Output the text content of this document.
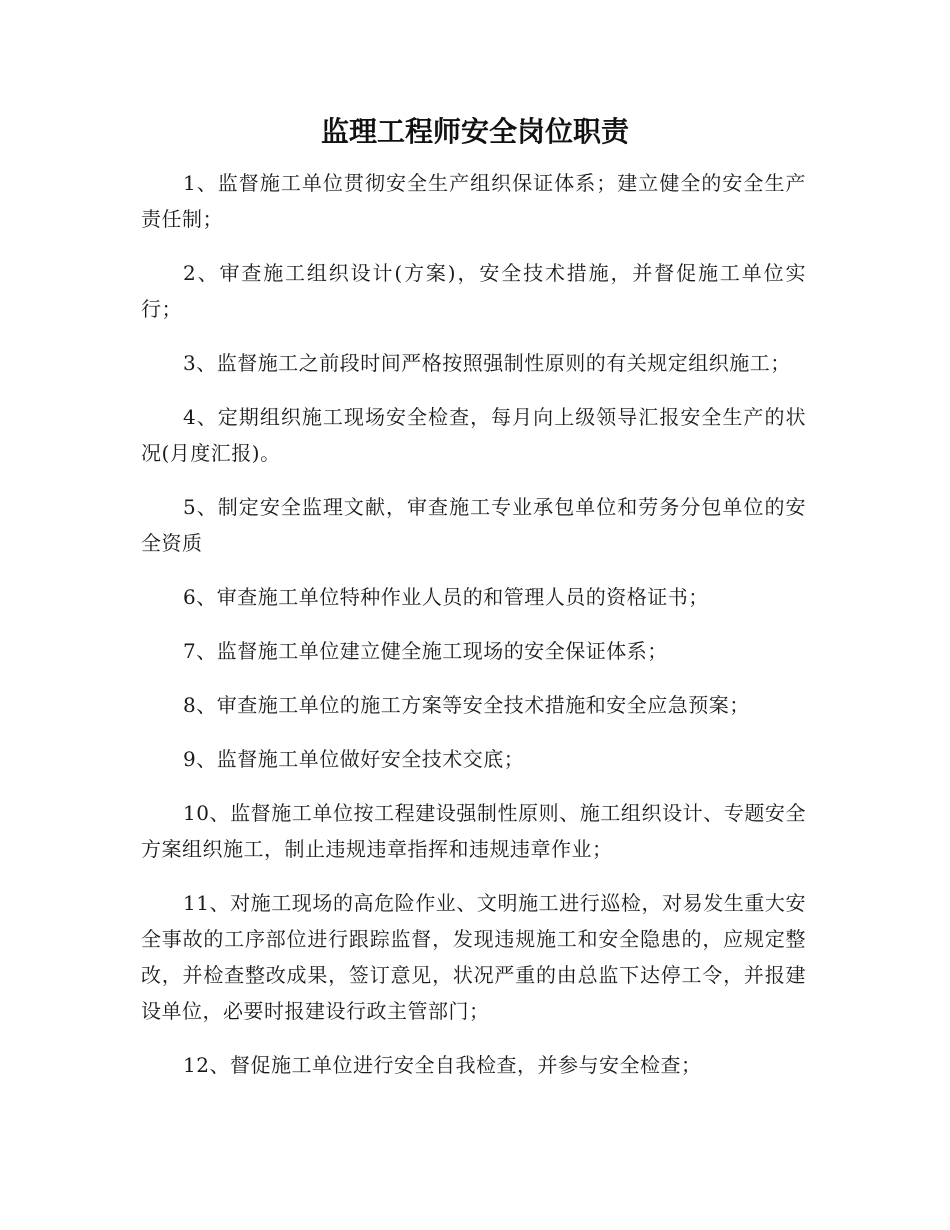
监理工程师安全岗位职责

1、监督施工单位贯彻安全生产组织保证体系；建立健全的安全生产责任制；

2、审查施工组织设计(方案)，安全技术措施，并督促施工单位实行；

3、监督施工之前段时间严格按照强制性原则的有关规定组织施工；

4、定期组织施工现场安全检查，每月向上级领导汇报安全生产的状况(月度汇报)。

5、制定安全监理文献，审查施工专业承包单位和劳务分包单位的安全资质

6、审查施工单位特种作业人员的和管理人员的资格证书；

7、监督施工单位建立健全施工现场的安全保证体系；

8、审查施工单位的施工方案等安全技术措施和安全应急预案；

9、监督施工单位做好安全技术交底；

10、监督施工单位按工程建设强制性原则、施工组织设计、专题安全方案组织施工，制止违规违章指挥和违规违章作业；

11、对施工现场的高危险作业、文明施工进行巡检，对易发生重大安全事故的工序部位进行跟踪监督，发现违规施工和安全隐患的，应规定整改，并检查整改成果，签订意见，状况严重的由总监下达停工令，并报建设单位，必要时报建设行政主管部门；

12、督促施工单位进行安全自我检查，并参与安全检查；
